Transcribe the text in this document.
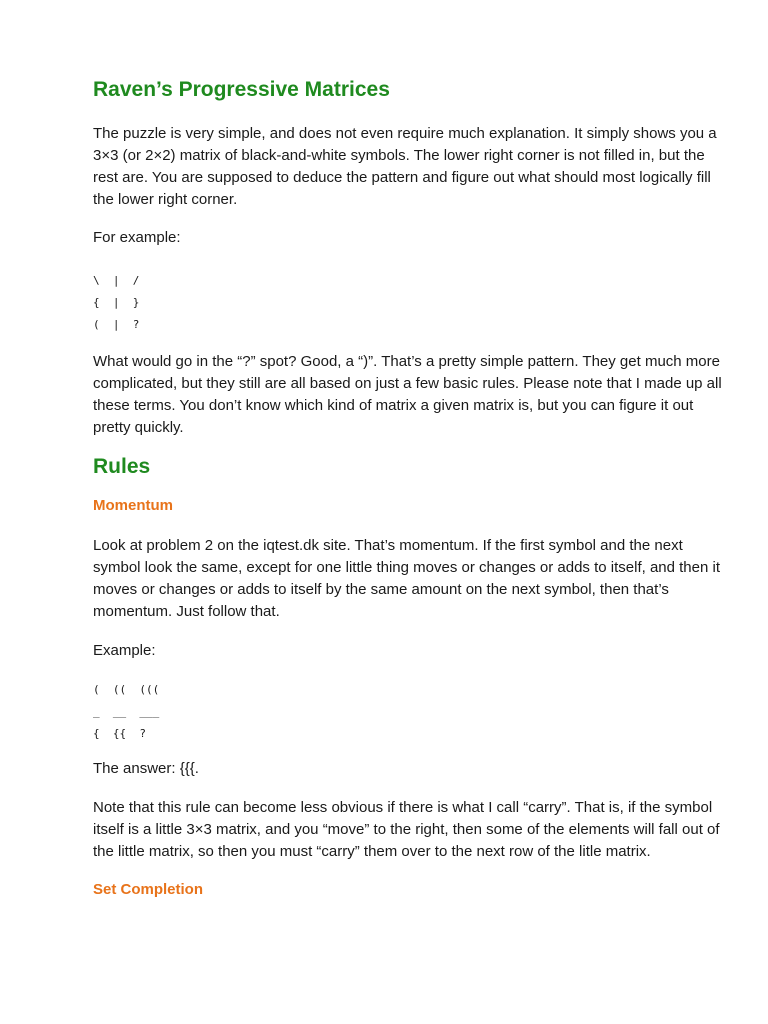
Raven’s Progressive Matrices

The puzzle is very simple, and does not even require much explanation. It simply shows you a 3×3 (or 2×2) matrix of black-and-white symbols. The lower right corner is not filled in, but the rest are. You are supposed to deduce the pattern and figure out what should most logically fill the lower right corner.

For example:

\  |  /
{  |  }
(  |  ?

What would go in the “?” spot? Good, a “)”. That’s a pretty simple pattern. They get much more complicated, but they still are all based on just a few basic rules. Please note that I made up all these terms. You don’t know which kind of matrix a given matrix is, but you can figure it out pretty quickly.

Rules
Momentum

Look at problem 2 on the iqtest.dk site. That’s momentum. If the first symbol and the next symbol look the same, except for one little thing moves or changes or adds to itself, and then it moves or changes or adds to itself by the same amount on the next symbol, then that’s momentum. Just follow that.

Example:

(  ((  (((
_  __  ___
{  {{  ?

The answer: {{{.

Note that this rule can become less obvious if there is what I call “carry”. That is, if the symbol itself is a little 3×3 matrix, and you “move” to the right, then some of the elements will fall out of the little matrix, so then you must “carry” them over to the next row of the litle matrix.

Set Completion
